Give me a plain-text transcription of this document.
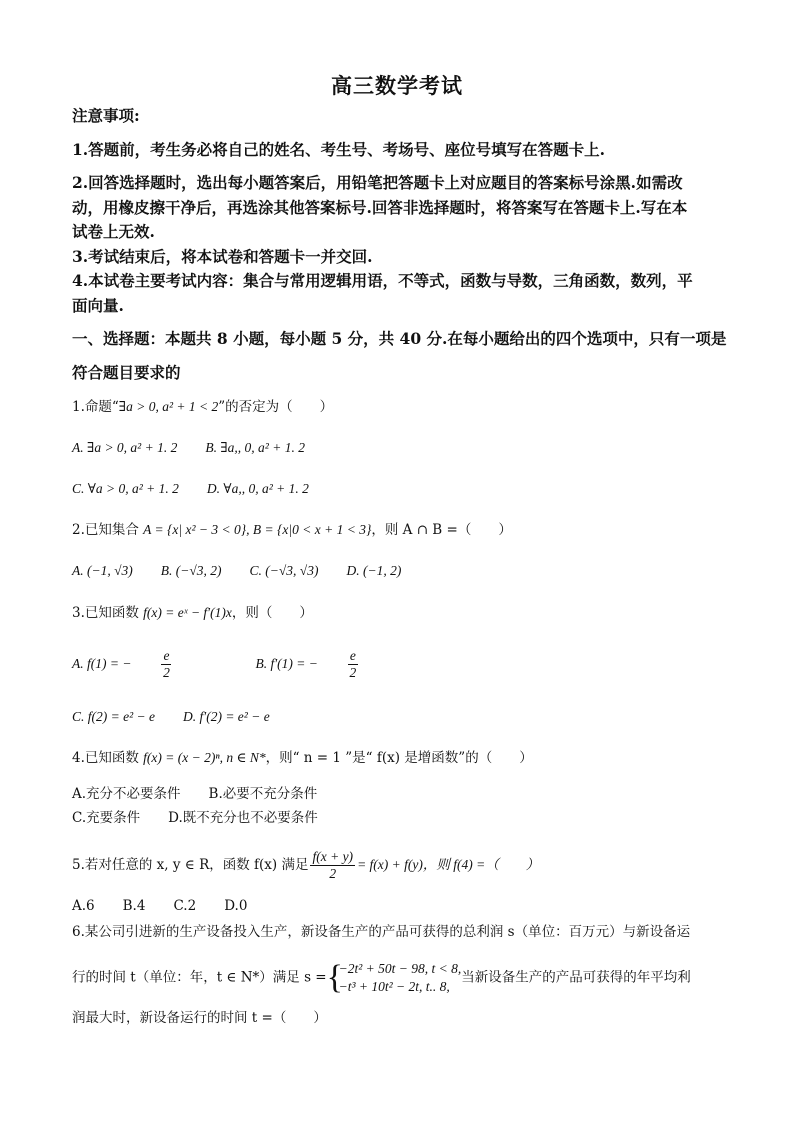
高三数学考试
注意事项:
1.答题前，考生务必将自己的姓名、考生号、考场号、座位号填写在答题卡上.
2.回答选择题时，选出每小题答案后，用铅笔把答题卡上对应题目的答案标号涂黑.如需改
动，用橡皮擦干净后，再选涂其他答案标号.回答非选择题时，将答案写在答题卡上.写在本
试卷上无效.
3.考试结束后，将本试卷和答题卡一并交回.
4.本试卷主要考试内容：集合与常用逻辑用语，不等式，函数与导数，三角函数，数列，平
面向量.
一、选择题：本题共 8 小题，每小题 5 分，共 40 分.在每小题给出的四个选项中，只有一项是
符合题目要求的
1.命题“∃a > 0, a² + 1 < 2”的否定为（　　）
A. ∃a > 0, a² + 1. 2 B. ∃a,, 0, a² + 1. 2
C. ∀a > 0, a² + 1. 2 D. ∀a,, 0, a² + 1. 2
2.已知集合 A = {x| x² − 3 < 0}, B = {x|0 < x + 1 < 3}，则 A ∩ B =（　　）
A. (−1, √3) B. (−√3, 2) C. (−√3, √3) D. (−1, 2)
3.已知函数 f(x) = eˣ − f′(1)x，则（　　）
A. f(1) = − $\frac{e}{2}$	B. f′(1) = − $\frac{e}{2}$
C. f(2) = e² − e D. f′(2) = e² − e
4.已知函数 f(x) = (x − 2)ⁿ, n ∈ N*，则“ n = 1 ”是“ f(x) 是增函数”的（　　）
A.充分不必要条件 B.必要不充分条件
C.充要条件 D.既不充分也不必要条件
5.若对任意的 x, y ∈ R，函数 f(x) 满足 $\frac{f(x + y)}{2} = f(x) + f(y)$，则 f(4) =（　　）
A.6 B.4 C.2 D.0
6.某公司引进新的生产设备投入生产，新设备生产的产品可获得的总利润 s（单位：百万元）与新设备运
行的时间 t（单位：年，t ∈ N*）满足 s = {
−2t² + 50t − 98, t < 8,
−t³ + 10t² − 2t, t.. 8,
当新设备生产的产品可获得的年平均利
润最大时，新设备运行的时间 t =（　　）
